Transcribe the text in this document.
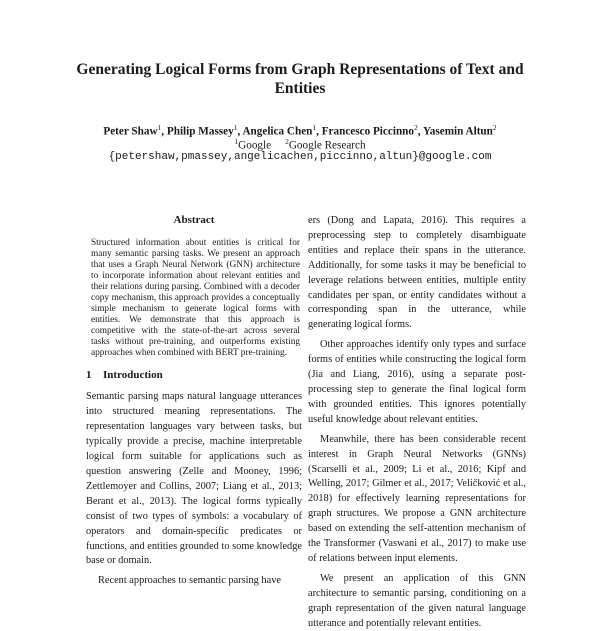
Generating Logical Forms from Graph Representations of Text and Entities
Peter Shaw$^1$, Philip Massey$^1$, Angelica Chen$^1$, Francesco Piccinno$^2$, Yasemin Altun$^2$
$^1$Google $^2$Google Research
{petershaw,pmassey,angelicachen,piccinno,altun}@google.com
Abstract
Structured information about entities is critical for many semantic parsing tasks. We present an approach that uses a Graph Neural Network (GNN) architecture to incorporate information about relevant entities and their relations during parsing. Combined with a decoder copy mechanism, this approach provides a conceptually simple mechanism to generate logical forms with entities. We demonstrate that this approach is competitive with the state-of-the-art across several tasks without pre-training, and outperforms existing approaches when combined with BERT pre-training.
1 Introduction

Semantic parsing maps natural language utterances into structured meaning representations. The representation languages vary between tasks, but typically provide a precise, machine interpretable logical form suitable for applications such as question answering (Zelle and Mooney, 1996; Zettlemoyer and Collins, 2007; Liang et al., 2013; Berant et al., 2013). The logical forms typically consist of two types of symbols: a vocabulary of operators and domain-specific predicates or functions, and entities grounded to some knowledge base or domain.

Recent approaches to semantic parsing have

ers (Dong and Lapata, 2016). This requires a preprocessing step to completely disambiguate entities and replace their spans in the utterance. Additionally, for some tasks it may be beneficial to leverage relations between entities, multiple entity candidates per span, or entity candidates without a corresponding span in the utterance, while generating logical forms.

Other approaches identify only types and surface forms of entities while constructing the logical form (Jia and Liang, 2016), using a separate post-processing step to generate the final logical form with grounded entities. This ignores potentially useful knowledge about relevant entities.

Meanwhile, there has been considerable recent interest in Graph Neural Networks (GNNs) (Scarselli et al., 2009; Li et al., 2016; Kipf and Welling, 2017; Gilmer et al., 2017; Veličković et al., 2018) for effectively learning representations for graph structures. We propose a GNN architecture based on extending the self-attention mechanism of the Transformer (Vaswani et al., 2017) to make use of relations between input elements.

We present an application of this GNN architecture to semantic parsing, conditioning on a graph representation of the given natural language utterance and potentially relevant entities.
